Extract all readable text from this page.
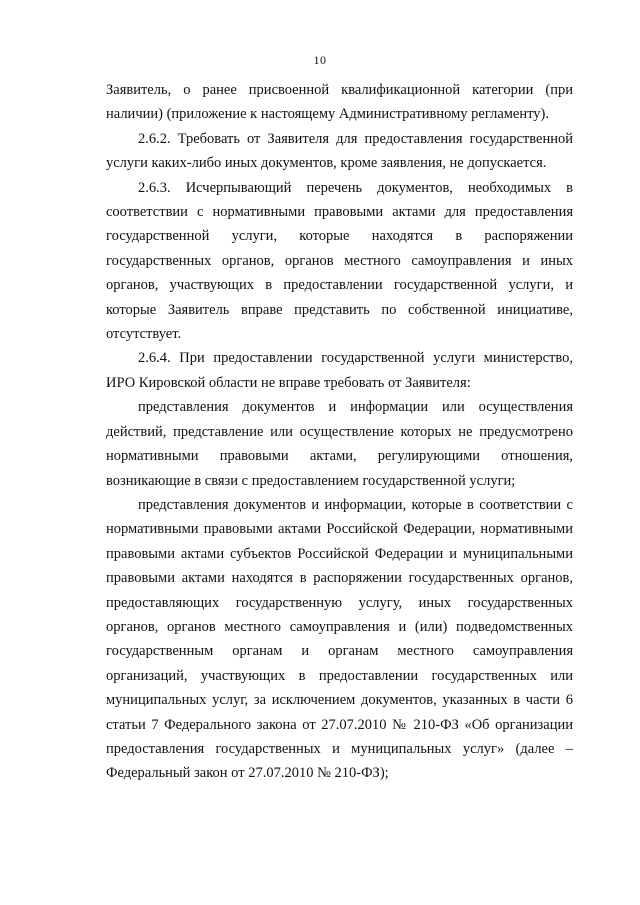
10

Заявитель, о ранее присвоенной квалификационной категории (при наличии) (приложение к настоящему Административному регламенту).

2.6.2. Требовать от Заявителя для предоставления государственной услуги каких-либо иных документов, кроме заявления, не допускается.

2.6.3. Исчерпывающий перечень документов, необходимых в соответствии с нормативными правовыми актами для предоставления государственной услуги, которые находятся в распоряжении государственных органов, органов местного самоуправления и иных органов, участвующих в предоставлении государственной услуги, и которые Заявитель вправе представить по собственной инициативе, отсутствует.

2.6.4. При предоставлении государственной услуги министерство, ИРО Кировской области не вправе требовать от Заявителя:

представления документов и информации или осуществления действий, представление или осуществление которых не предусмотрено нормативными правовыми актами, регулирующими отношения, возникающие в связи с предоставлением государственной услуги;

представления документов и информации, которые в соответствии с нормативными правовыми актами Российской Федерации, нормативными правовыми актами субъектов Российской Федерации и муниципальными правовыми актами находятся в распоряжении государственных органов, предоставляющих государственную услугу, иных государственных органов, органов местного самоуправления и (или) подведомственных государственным органам и органам местного самоуправления организаций, участвующих в предоставлении государственных или муниципальных услуг, за исключением документов, указанных в части 6 статьи 7 Федерального закона от 27.07.2010 № 210-ФЗ «Об организации предоставления государственных и муниципальных услуг» (далее – Федеральный закон от 27.07.2010 № 210-ФЗ);
